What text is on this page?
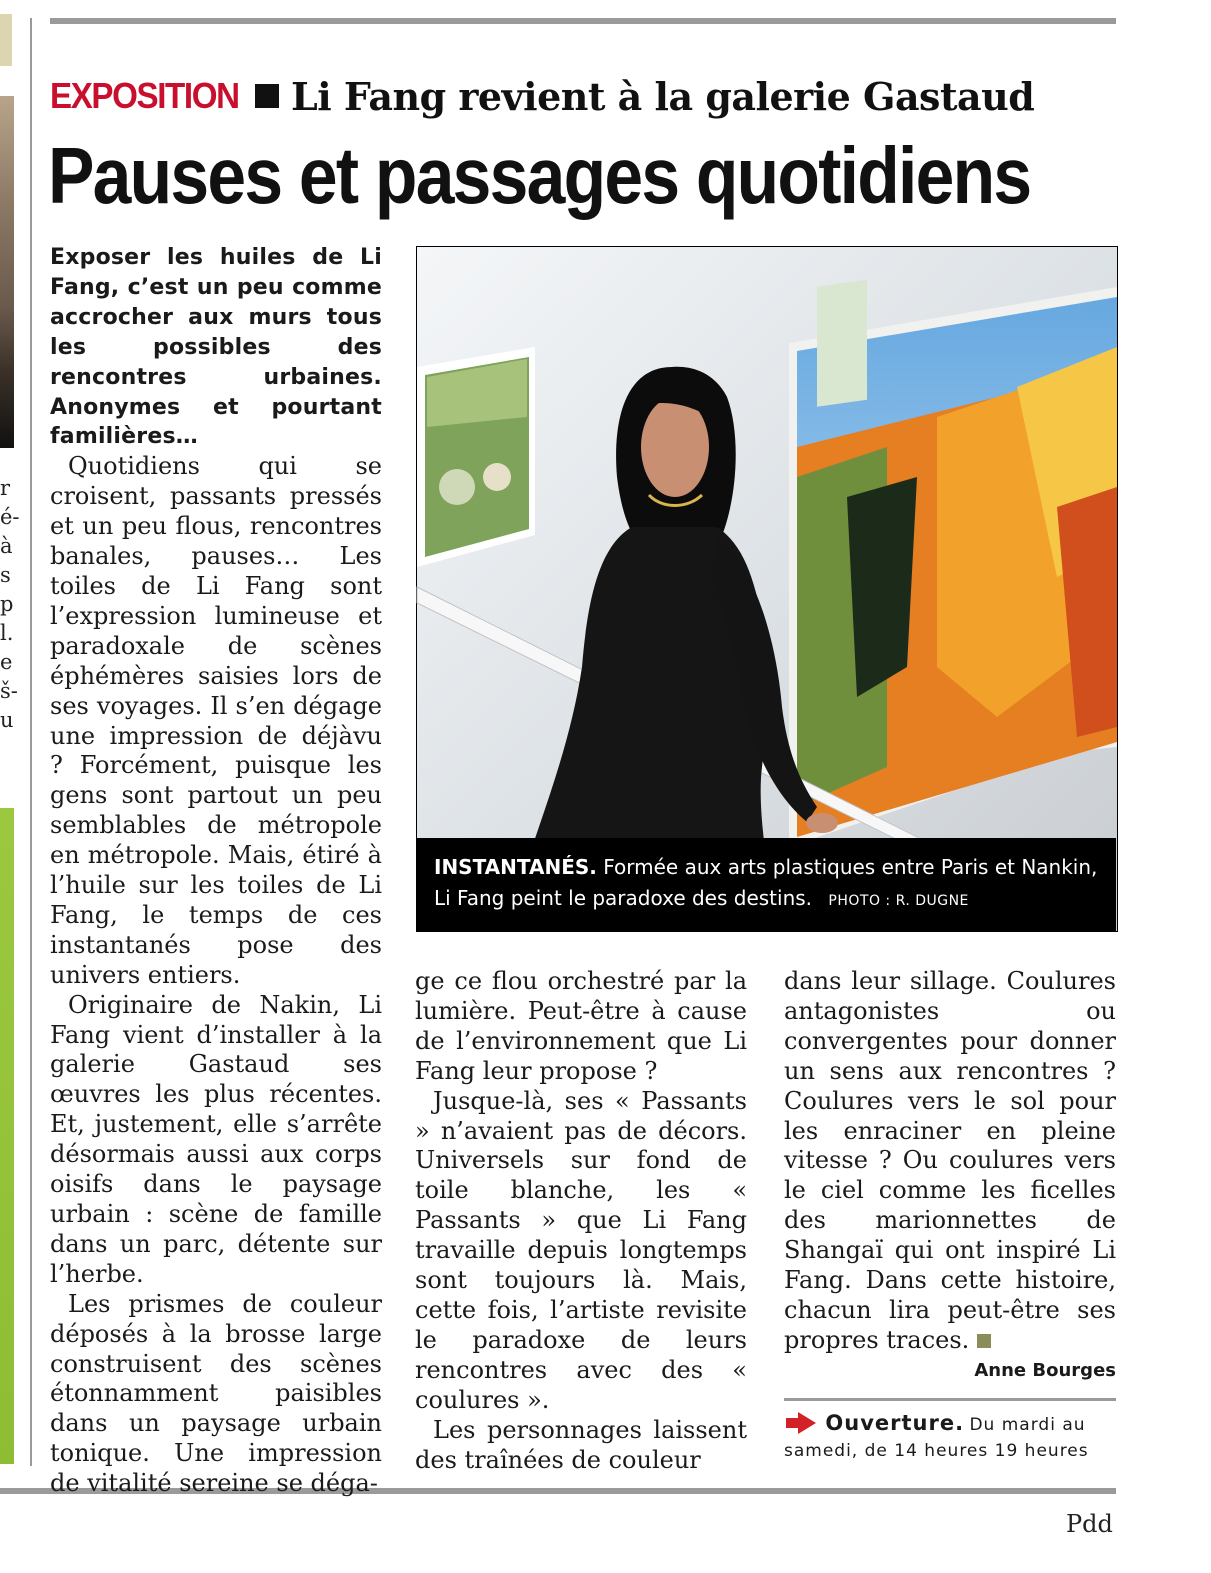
r
é-
à
s
p
l.
e
š-
u
EXPOSITION Li Fang revient à la galerie Gastaud
Pauses et passages quotidiens

Exposer les huiles de Li Fang, c’est un peu comme accrocher aux murs tous les possibles des rencontres urbaines. Anonymes et pourtant familières…

Quotidiens qui se croisent, passants pressés et un peu flous, rencontres banales, pauses… Les toiles de Li Fang sont l’expression lumineuse et paradoxale de scènes éphémères saisies lors de ses voyages. Il s’en dégage une impression de déjàvu ? Forcément, puisque les gens sont partout un peu semblables de métropole en métropole. Mais, étiré à l’huile sur les toiles de Li Fang, le temps de ces instantanés pose des univers entiers.

Originaire de Nakin, Li Fang vient d’installer à la galerie Gastaud ses œuvres les plus récentes. Et, justement, elle s’arrête désormais aussi aux corps oisifs dans le paysage urbain : scène de famille dans un parc, détente sur l’herbe.

Les prismes de couleur déposés à la brosse large construisent des scènes étonnamment paisibles dans un paysage urbain tonique. Une impression de vitalité sereine se déga-

INSTANTANÉS. Formée aux arts plastiques entre Paris et Nankin, Li Fang peint le paradoxe des destins. PHOTO : R. DUGNE

ge ce flou orchestré par la lumière. Peut-être à cause de l’environnement que Li Fang leur propose ?

Jusque-là, ses « Passants » n’avaient pas de décors. Universels sur fond de toile blanche, les « Passants » que Li Fang travaille depuis longtemps sont toujours là. Mais, cette fois, l’artiste revisite le paradoxe de leurs rencontres avec des « coulures ».

Les personnages laissent des traînées de couleur

dans leur sillage. Coulures antagonistes ou convergentes pour donner un sens aux rencontres ? Coulures vers le sol pour les enraciner en pleine vitesse ? Ou coulures vers le ciel comme les ficelles des marionnettes de Shangaï qui ont inspiré Li Fang. Dans cette histoire, chacun lira peut-être ses propres traces.

Anne Bourges
Ouverture. Du mardi au samedi, de 14 heures 19 heures
Pdd
